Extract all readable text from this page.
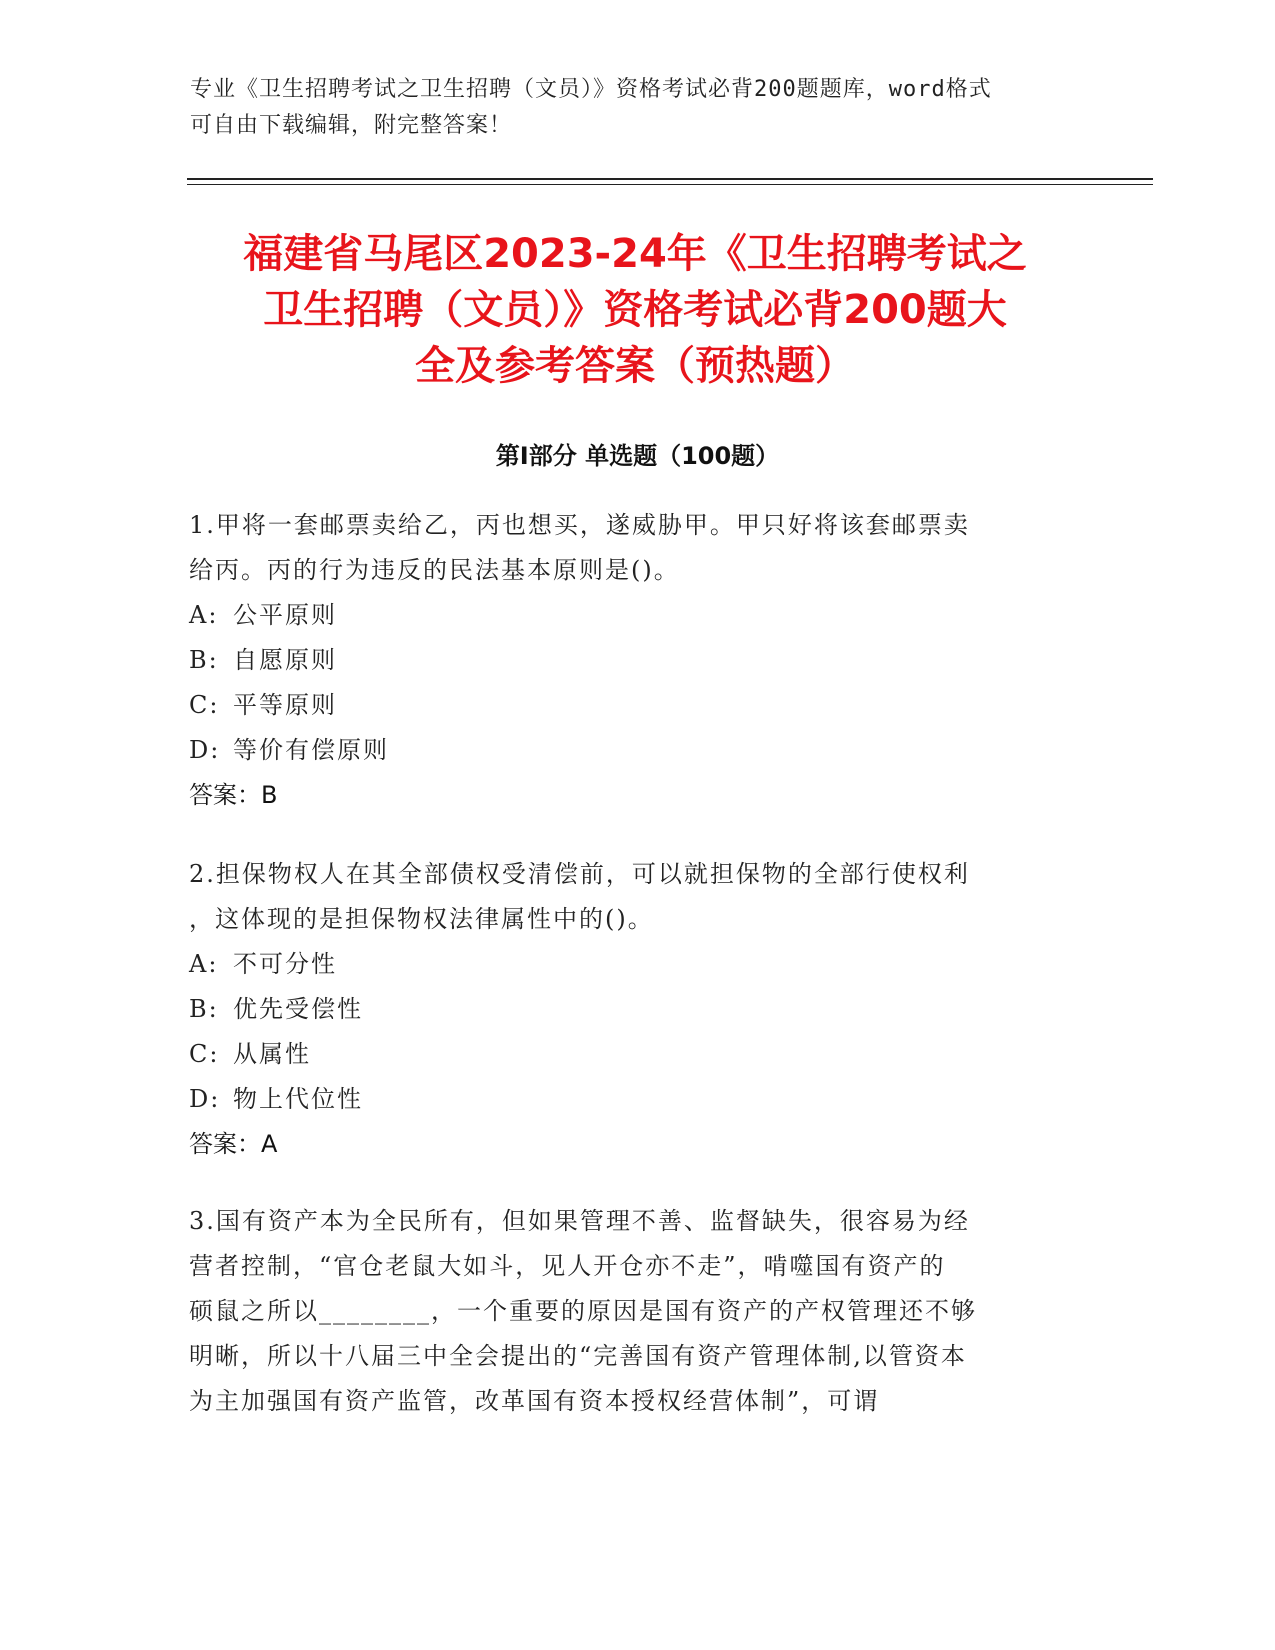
专业《卫生招聘考试之卫生招聘（文员）》资格考试必背200题题库，word格式
可自由下载编辑，附完整答案！
福建省马尾区2023-24年《卫生招聘考试之
卫生招聘（文员）》资格考试必背200题大
全及参考答案（预热题）
第Ⅰ部分 单选题（100题）
1.甲将一套邮票卖给乙，丙也想买，遂威胁甲。甲只好将该套邮票卖
给丙。丙的行为违反的民法基本原则是()。
A: 公平原则
B: 自愿原则
C: 平等原则
D: 等价有偿原则
答案：B
2.担保物权人在其全部债权受清偿前，可以就担保物的全部行使权利
，这体现的是担保物权法律属性中的()。
A: 不可分性
B: 优先受偿性
C: 从属性
D: 物上代位性
答案：A
3.国有资产本为全民所有，但如果管理不善、监督缺失，很容易为经
营者控制，“官仓老鼠大如斗，见人开仓亦不走”，啃噬国有资产的
硕鼠之所以________，一个重要的原因是国有资产的产权管理还不够
明晰，所以十八届三中全会提出的“完善国有资产管理体制,以管资本
为主加强国有资产监管，改革国有资本授权经营体制”，可谓
